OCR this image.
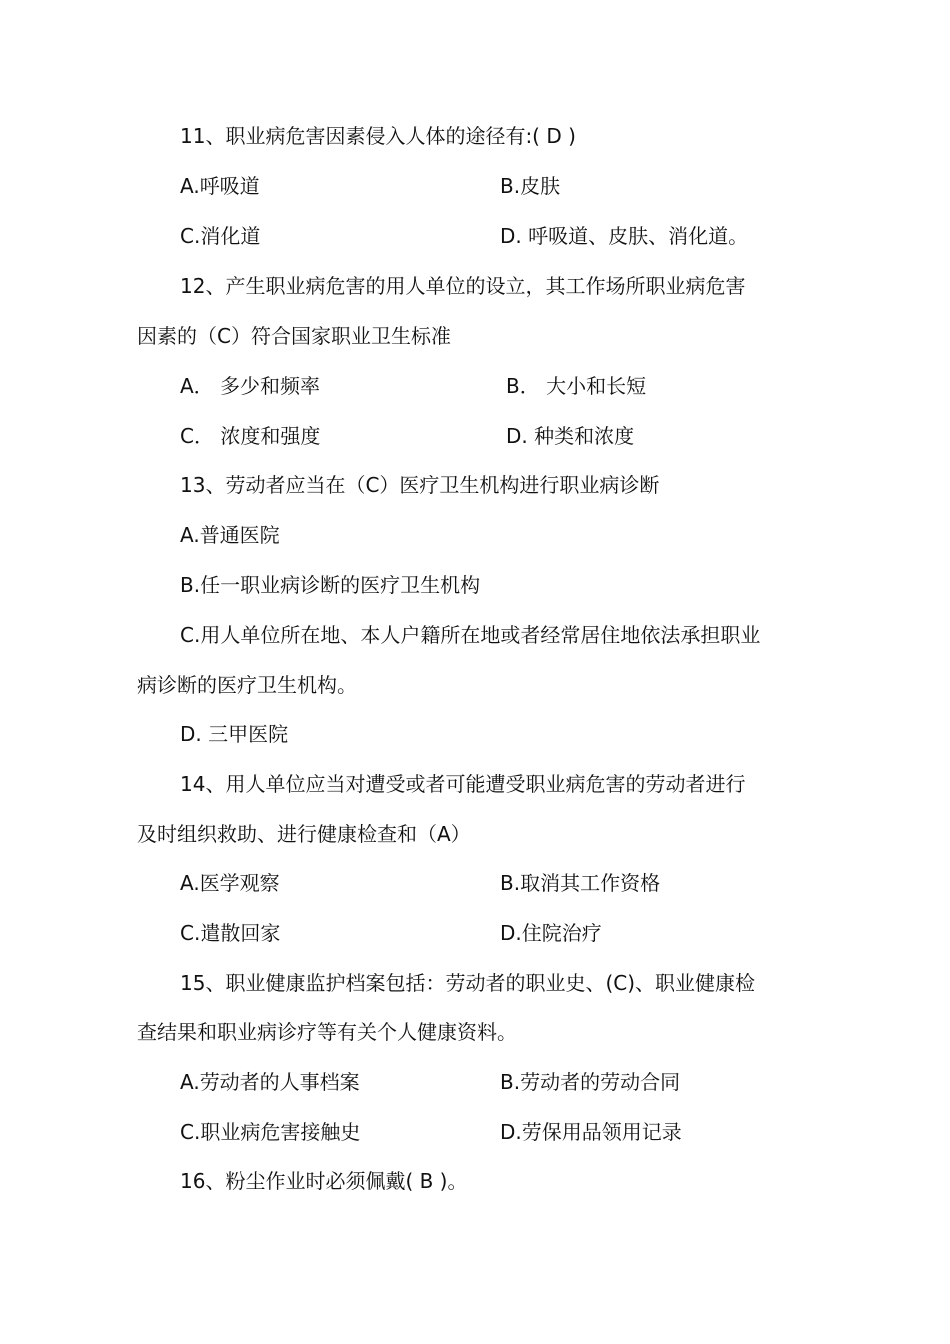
11、职业病危害因素侵入人体的途径有:( D )
A.呼吸道	B.皮肤
C.消化道	D. 呼吸道、皮肤、消化道。
12、产生职业病危害的用人单位的设立，其工作场所职业病危害
因素的（C）符合国家职业卫生标准
A． 多少和频率	B． 大小和长短
C． 浓度和强度	D. 种类和浓度
13、劳动者应当在（C）医疗卫生机构进行职业病诊断
A.普通医院
B.任一职业病诊断的医疗卫生机构
C.用人单位所在地、本人户籍所在地或者经常居住地依法承担职业
病诊断的医疗卫生机构。
D. 三甲医院
14、用人单位应当对遭受或者可能遭受职业病危害的劳动者进行
及时组织救助、进行健康检查和（A）
A.医学观察	B.取消其工作资格
C.遣散回家	D.住院治疗
15、职业健康监护档案包括：劳动者的职业史、(C)、职业健康检
查结果和职业病诊疗等有关个人健康资料。
A.劳动者的人事档案	B.劳动者的劳动合同
C.职业病危害接触史	D.劳保用品领用记录
16、粉尘作业时必须佩戴( B )。
